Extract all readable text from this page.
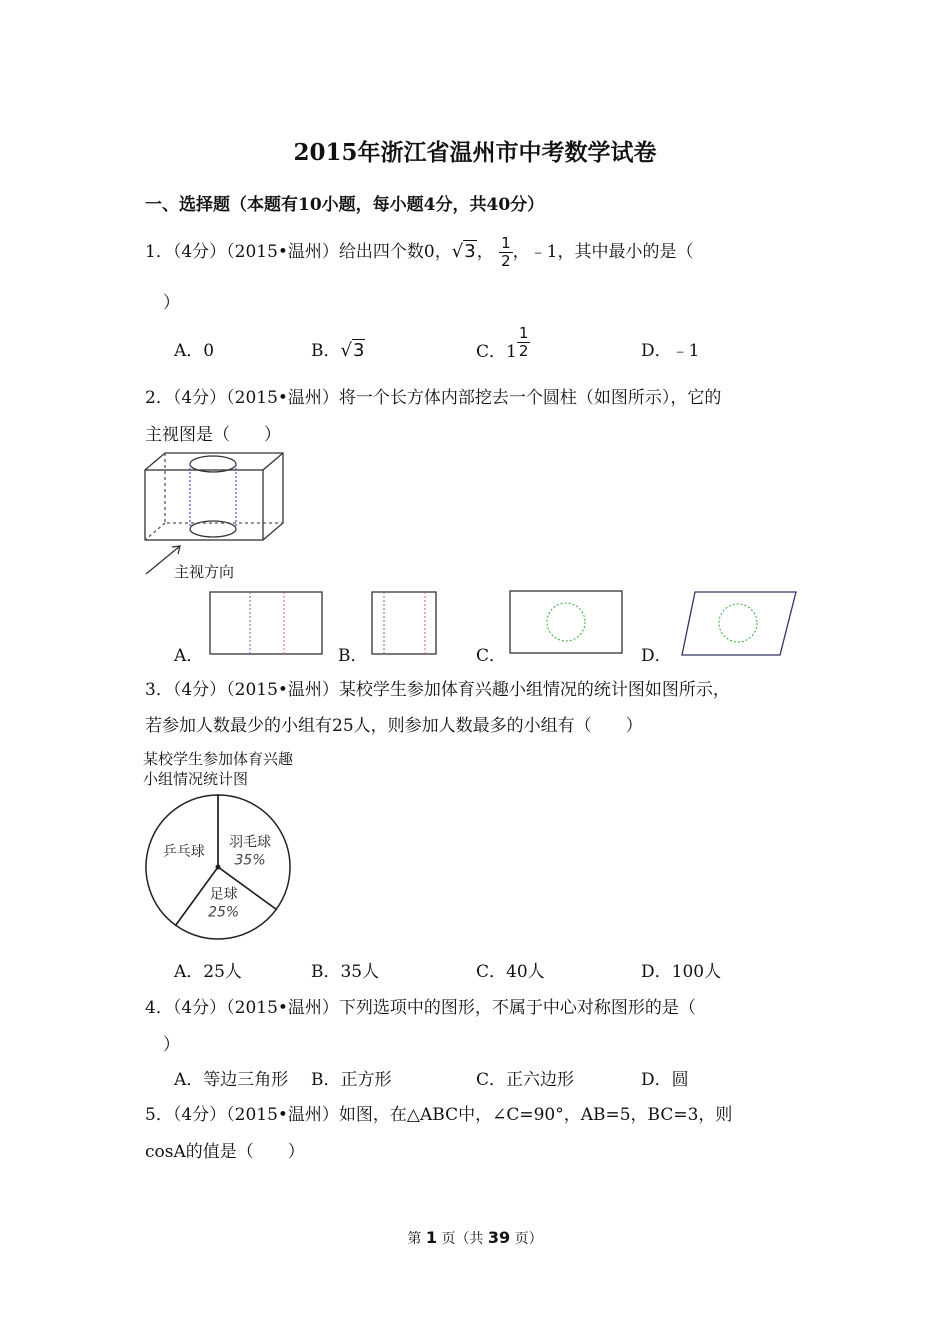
2015年浙江省温州市中考数学试卷
一、选择题（本题有10小题，每小题4分，共40分）
1．（4分）（2015•温州）给出四个数0，√3， $\frac{1}{2}$ ，﹣1，其中最小的是（
）
A．0	B．√3	C．$1 \frac{1}{2}$	D．﹣1
2．（4分）（2015•温州）将一个长方体内部挖去一个圆柱（如图所示），它的
主视图是（　　）
主视方向
A．	B．	C．	D．
3．（4分）（2015•温州）某校学生参加体育兴趣小组情况的统计图如图所示，
若参加人数最少的小组有25人，则参加人数最多的小组有（　　）
某校学生参加体育兴趣
小组情况统计图
羽毛球
35%
足球
25%
乒乓球
A．25人	B．35人	C．40人	D．100人
4．（4分）（2015•温州）下列选项中的图形，不属于中心对称图形的是（
）
A．等边三角形 B．正方形	C．正六边形	D．圆
5．（4分）（2015•温州）如图，在△ABC中，∠C=90°，AB=5，BC=3，则
cosA的值是（　　）
第 1 页（共 39 页）
